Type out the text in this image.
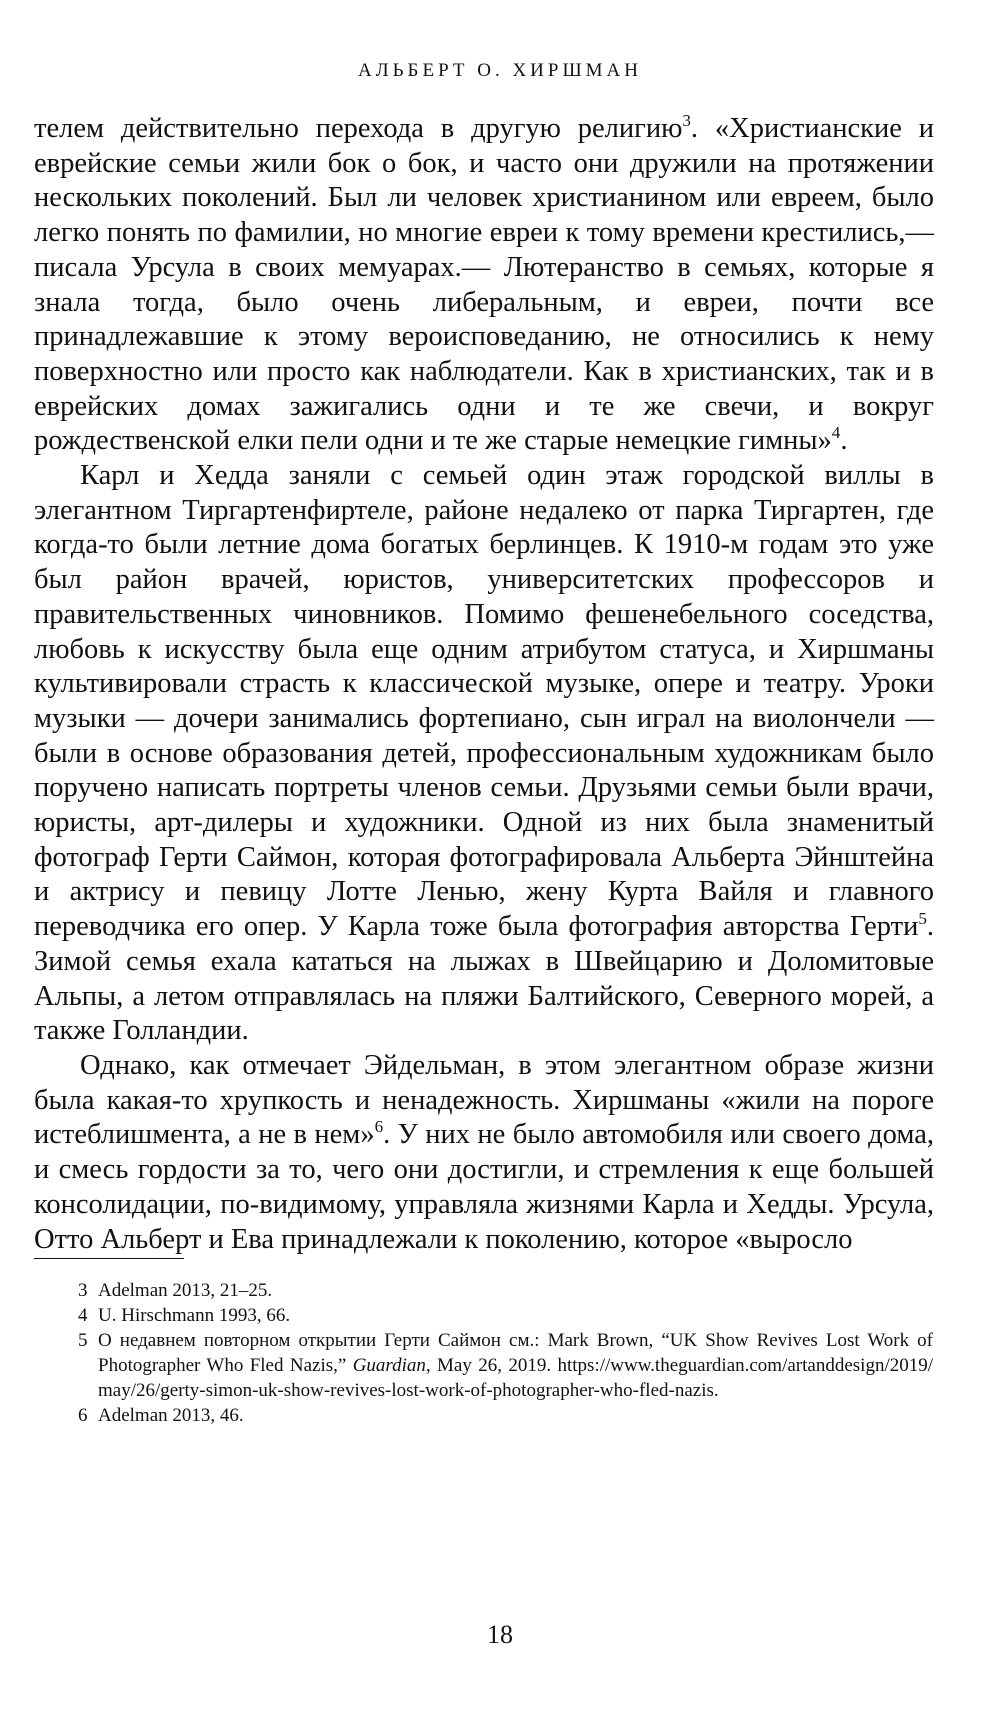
АЛЬБЕРТ О. ХИРШМАН

телем действительно перехода в другую религию$^3$. «Христианские и еврейские семьи жили бок о бок, и часто они дружили на протяжении нескольких поколений. Был ли человек христианином или евреем, было легко понять по фамилии, но многие евреи к тому времени крестились,— писала Урсула в своих мемуарах.— Лютеранство в семьях, которые я знала тогда, было очень либеральным, и евреи, почти все принадлежавшие к этому вероисповеданию, не относились к нему поверхностно или просто как наблюдатели. Как в христианских, так и в еврейских домах зажигались одни и те же свечи, и вокруг рождественской елки пели одни и те же старые немецкие гимны»$^4$.

Карл и Хедда заняли с семьей один этаж городской виллы в элегантном Тиргартенфиртеле, районе недалеко от парка Тиргартен, где когда-то были летние дома богатых берлинцев. К 1910-м годам это уже был район врачей, юристов, университетских профессоров и правительственных чиновников. Помимо фешенебельного соседства, любовь к искусству была еще одним атрибутом статуса, и Хиршманы культивировали страсть к классической музыке, опере и театру. Уроки музыки — дочери занимались фортепиано, сын играл на виолончели — были в основе образования детей, профессиональным художникам было поручено написать портреты членов семьи. Друзьями семьи были врачи, юристы, арт-дилеры и художники. Одной из них была знаменитый фотограф Герти Саймон, которая фотографировала Альберта Эйнштейна и актрису и певицу Лотте Ленью, жену Курта Вайля и главного переводчика его опер. У Карла тоже была фотография авторства Герти$^5$. Зимой семья ехала кататься на лыжах в Швейцарию и Доломитовые Альпы, а летом отправлялась на пляжи Балтийского, Северного морей, а также Голландии.

Однако, как отмечает Эйдельман, в этом элегантном образе жизни была какая-то хрупкость и ненадежность. Хиршманы «жили на пороге истеблишмента, а не в нем»$^6$. У них не было автомобиля или своего дома, и смесь гордости за то, чего они достигли, и стремления к еще большей консолидации, по-видимому, управляла жизнями Карла и Хедды. Урсула, Отто Альберт и Ева принадлежали к поколению, которое «выросло

3 Adelman 2013, 21–25.

4 U. Hirschmann 1993, 66.

5 О недавнем повторном открытии Герти Саймон см.: Mark Brown, “UK Show Revives Lost Work of Photographer Who Fled Nazis,” Guardian, May 26, 2019. https://www.theguardian.com/artanddesign/2019/may/26/gerty-simon-uk-show-revives-lost-work-of-photographer-who-fled-nazis.

6 Adelman 2013, 46.

18
